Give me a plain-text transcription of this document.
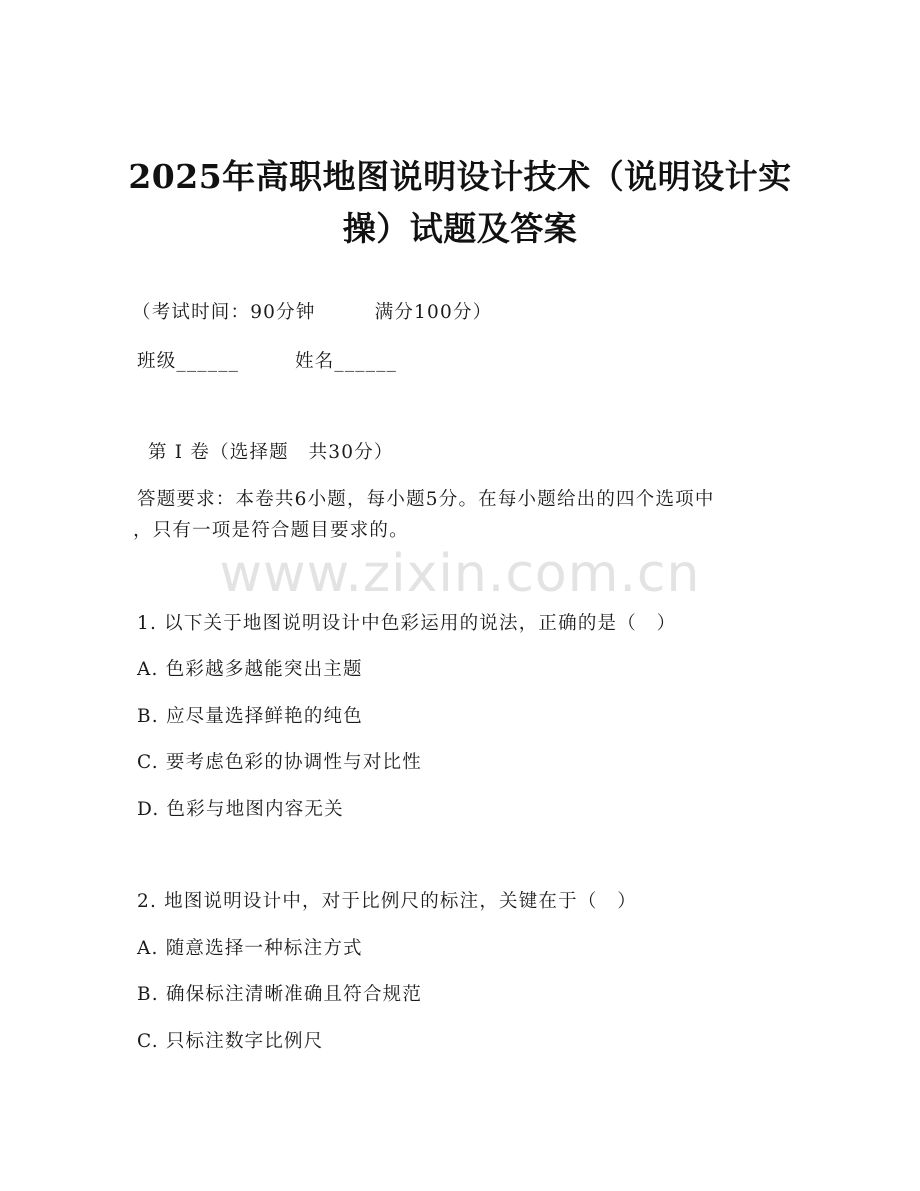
2025年高职地图说明设计技术（说明设计实
操）试题及答案
（考试时间：90分钟　　　满分100分）
班级______	姓名______
第 I 卷（选择题　共30分）
答题要求：本卷共6小题，每小题5分。在每小题给出的四个选项中
，只有一项是符合题目要求的。
www.zixin.com.cn
1. 以下关于地图说明设计中色彩运用的说法，正确的是（　）
A. 色彩越多越能突出主题
B. 应尽量选择鲜艳的纯色
C. 要考虑色彩的协调性与对比性
D. 色彩与地图内容无关
2. 地图说明设计中，对于比例尺的标注，关键在于（　）
A. 随意选择一种标注方式
B. 确保标注清晰准确且符合规范
C. 只标注数字比例尺
